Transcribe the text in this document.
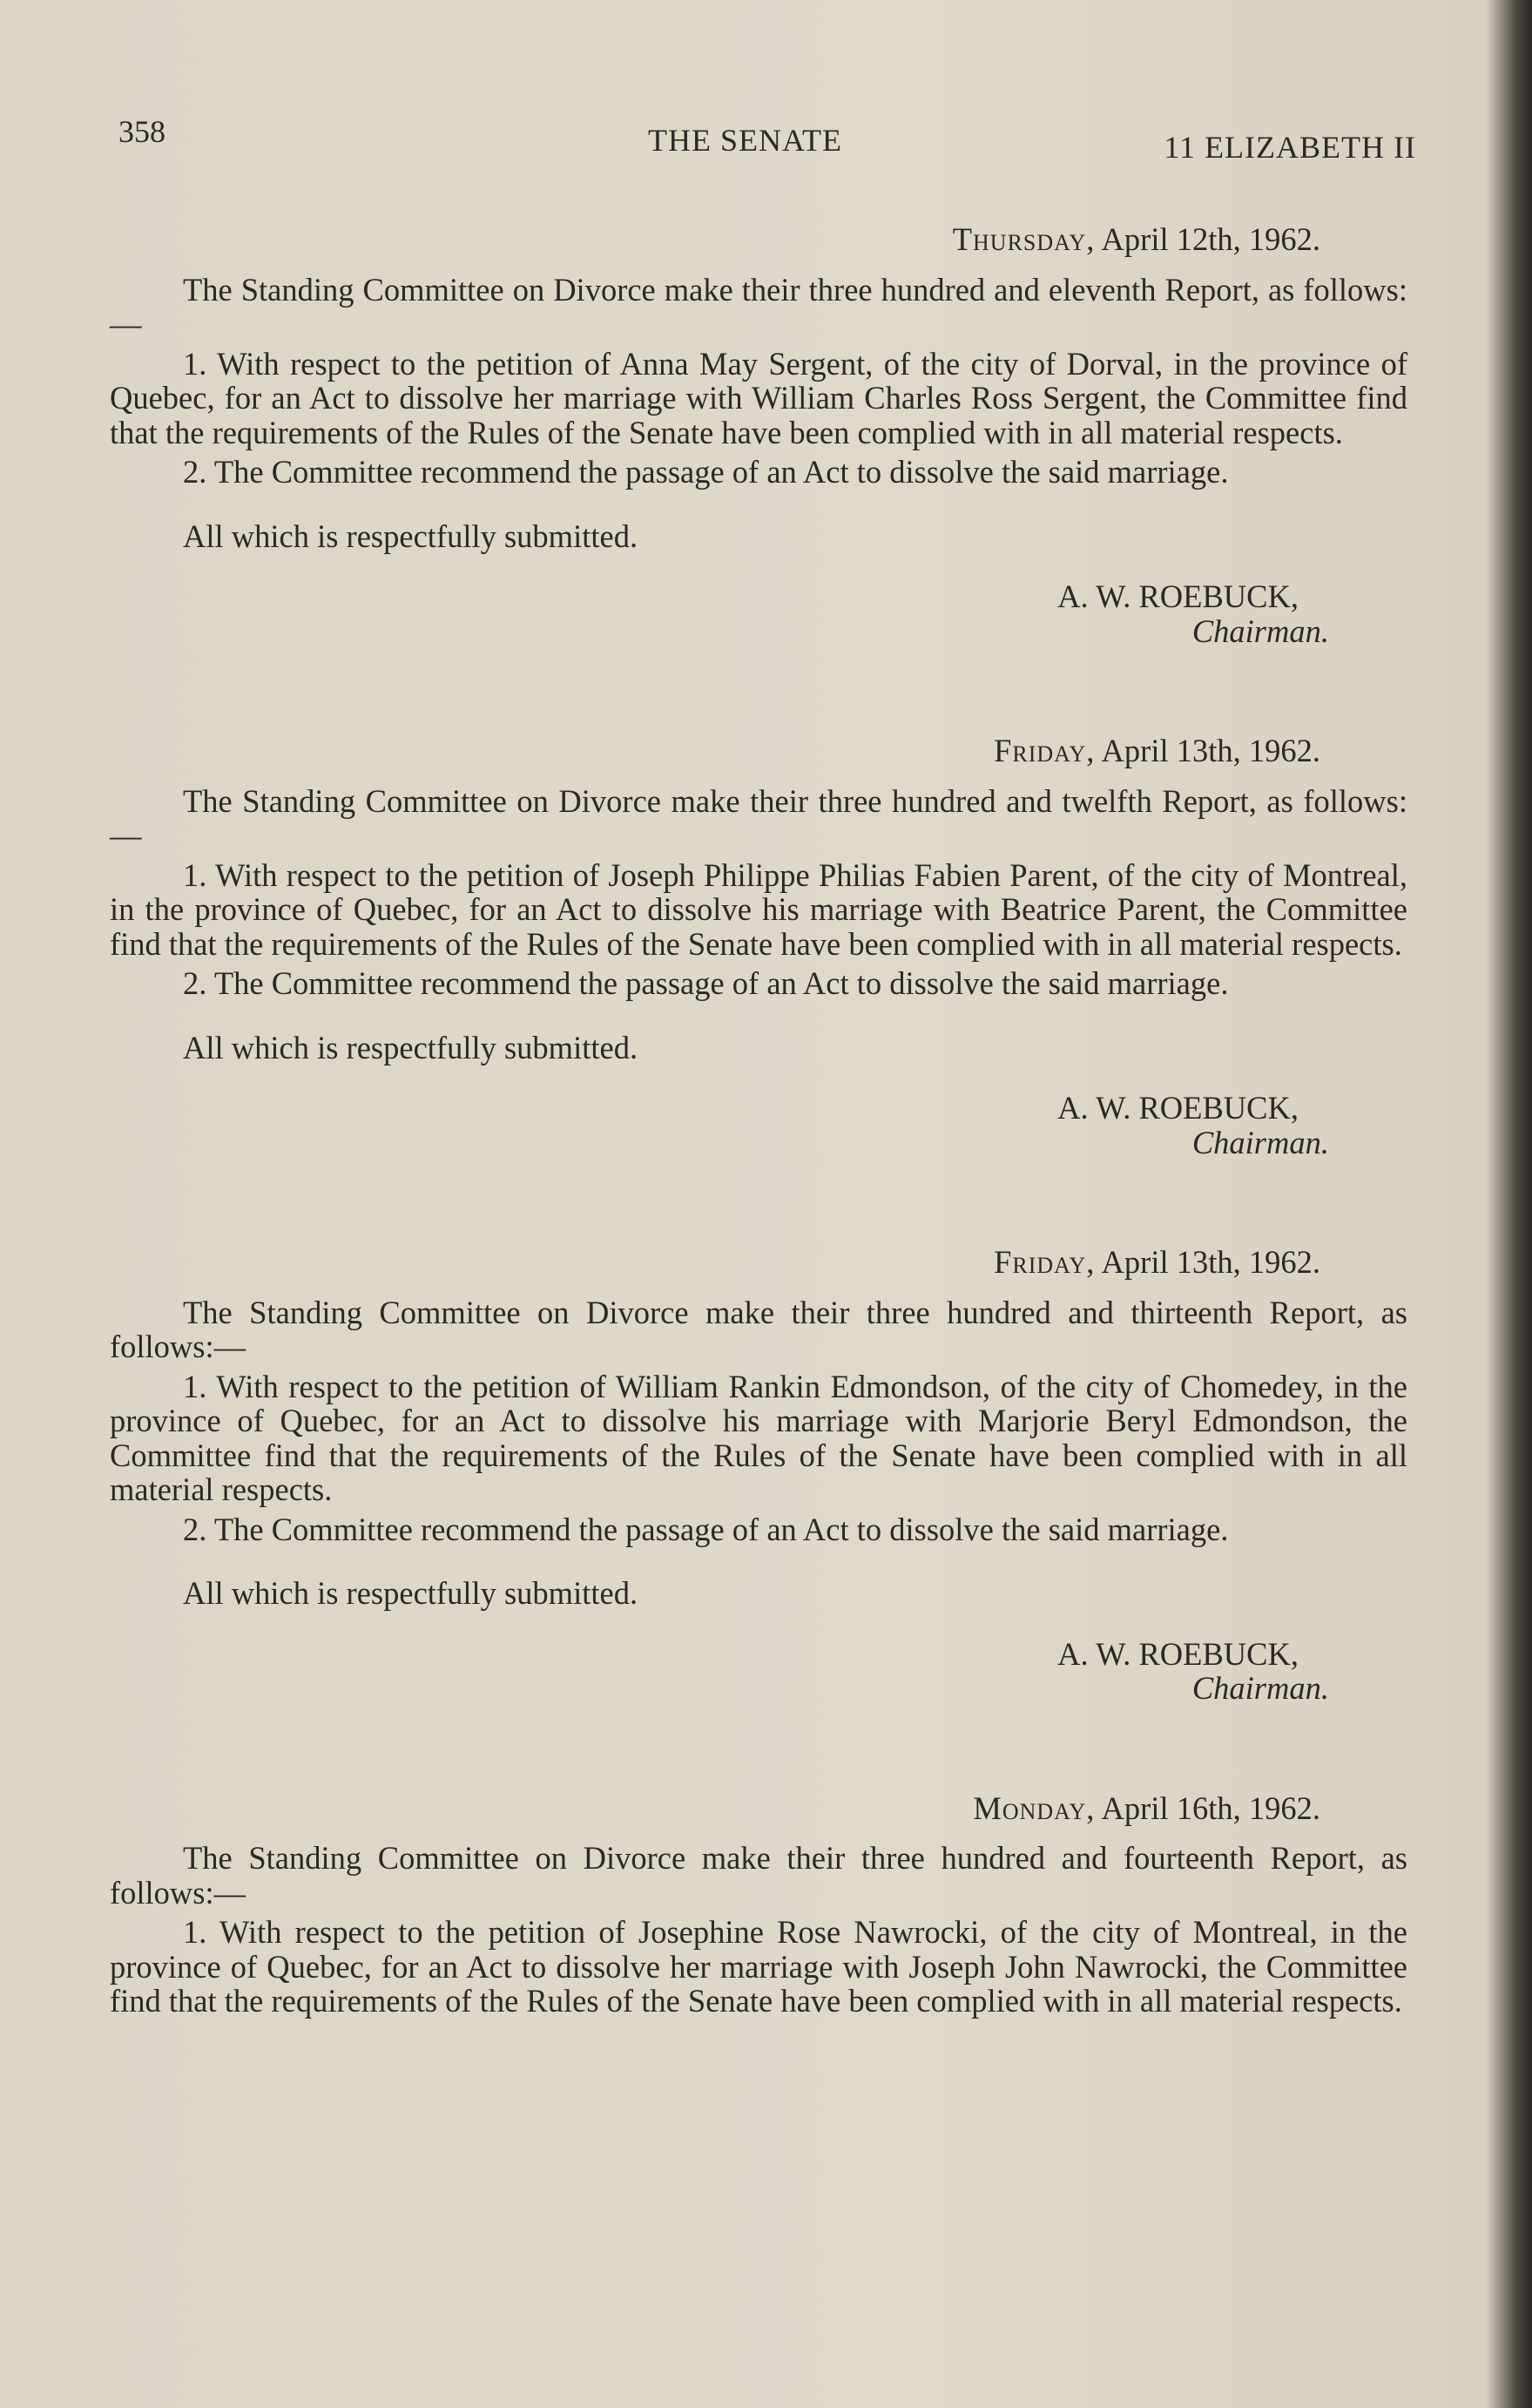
358	THE SENATE	11 ELIZABETH II
Thursday, April 12th, 1962.

The Standing Committee on Divorce make their three hundred and eleventh Report, as follows:—

1. With respect to the petition of Anna May Sergent, of the city of Dorval, in the province of Quebec, for an Act to dissolve her marriage with William Charles Ross Sergent, the Committee find that the requirements of the Rules of the Senate have been complied with in all material respects.

2. The Committee recommend the passage of an Act to dissolve the said marriage.

All which is respectfully submitted.

A. W. ROEBUCK,
Chairman.
Friday, April 13th, 1962.

The Standing Committee on Divorce make their three hundred and twelfth Report, as follows:—

1. With respect to the petition of Joseph Philippe Philias Fabien Parent, of the city of Montreal, in the province of Quebec, for an Act to dissolve his marriage with Beatrice Parent, the Committee find that the requirements of the Rules of the Senate have been complied with in all material respects.

2. The Committee recommend the passage of an Act to dissolve the said marriage.

All which is respectfully submitted.

A. W. ROEBUCK,
Chairman.
Friday, April 13th, 1962.

The Standing Committee on Divorce make their three hundred and thirteenth Report, as follows:—

1. With respect to the petition of William Rankin Edmondson, of the city of Chomedey, in the province of Quebec, for an Act to dissolve his marriage with Marjorie Beryl Edmondson, the Committee find that the requirements of the Rules of the Senate have been complied with in all material respects.

2. The Committee recommend the passage of an Act to dissolve the said marriage.

All which is respectfully submitted.

A. W. ROEBUCK,
Chairman.
Monday, April 16th, 1962.

The Standing Committee on Divorce make their three hundred and fourteenth Report, as follows:—

1. With respect to the petition of Josephine Rose Nawrocki, of the city of Montreal, in the province of Quebec, for an Act to dissolve her marriage with Joseph John Nawrocki, the Committee find that the requirements of the Rules of the Senate have been complied with in all material respects.
